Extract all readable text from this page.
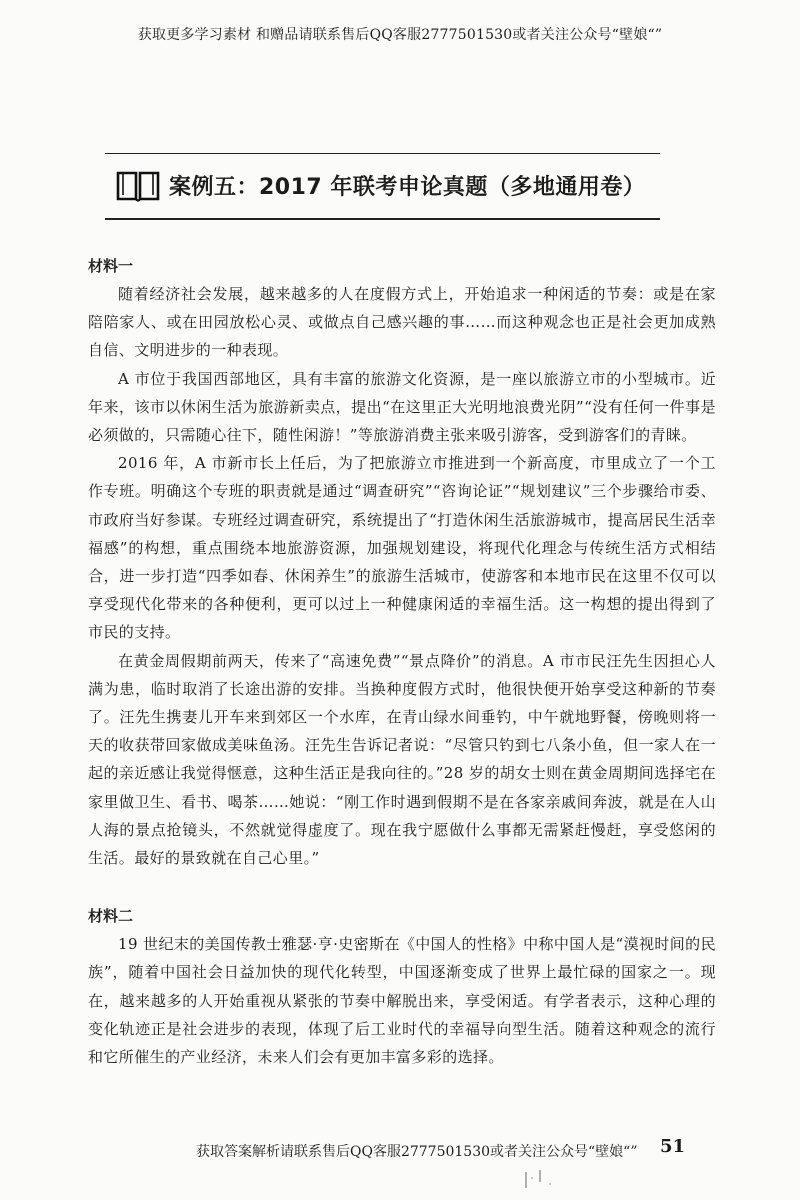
获取更多学习素材 和赠品请联系售后QQ客服2777501530或者关注公众号“壁娘“”
案例五：2017 年联考申论真题（多地通用卷）

材料一

随着经济社会发展，越来越多的人在度假方式上，开始追求一种闲适的节奏：或是在家陪陪家人、或在田园放松心灵、或做点自己感兴趣的事……而这种观念也正是社会更加成熟自信、文明进步的一种表现。

A 市位于我国西部地区，具有丰富的旅游文化资源，是一座以旅游立市的小型城市。近年来，该市以休闲生活为旅游新卖点，提出“在这里正大光明地浪费光阴”“没有任何一件事是必须做的，只需随心往下，随性闲游！”等旅游消费主张来吸引游客，受到游客们的青睐。

2016 年，A 市新市长上任后，为了把旅游立市推进到一个新高度，市里成立了一个工作专班。明确这个专班的职责就是通过“调查研究”“咨询论证”“规划建议”三个步骤给市委、市政府当好参谋。专班经过调查研究，系统提出了“打造休闲生活旅游城市，提高居民生活幸福感”的构想，重点围绕本地旅游资源，加强规划建设，将现代化理念与传统生活方式相结合，进一步打造“四季如春、休闲养生”的旅游生活城市，使游客和本地市民在这里不仅可以享受现代化带来的各种便利，更可以过上一种健康闲适的幸福生活。这一构想的提出得到了市民的支持。

在黄金周假期前两天，传来了“高速免费”“景点降价”的消息。A 市市民汪先生因担心人满为患，临时取消了长途出游的安排。当换种度假方式时，他很快便开始享受这种新的节奏了。汪先生携妻儿开车来到郊区一个水库，在青山绿水间垂钓，中午就地野餐，傍晚则将一天的收获带回家做成美味鱼汤。汪先生告诉记者说：“尽管只钓到七八条小鱼，但一家人在一起的亲近感让我觉得惬意，这种生活正是我向往的。”28 岁的胡女士则在黄金周期间选择宅在家里做卫生、看书、喝茶……她说：“刚工作时遇到假期不是在各家亲戚间奔波，就是在人山人海的景点抢镜头，不然就觉得虚度了。现在我宁愿做什么事都无需紧赶慢赶，享受悠闲的生活。最好的景致就在自己心里。”

材料二

19 世纪末的美国传教士雅瑟·亨·史密斯在《中国人的性格》中称中国人是“漠视时间的民族”，随着中国社会日益加快的现代化转型，中国逐渐变成了世界上最忙碌的国家之一。现在，越来越多的人开始重视从紧张的节奏中解脱出来，享受闲适。有学者表示，这种心理的变化轨迹正是社会进步的表现，体现了后工业时代的幸福导向型生活。随着这种观念的流行和它所催生的产业经济，未来人们会有更加丰富多彩的选择。

获取答案解析请联系售后QQ客服2777501530或者关注公众号“壁娘“” 51
